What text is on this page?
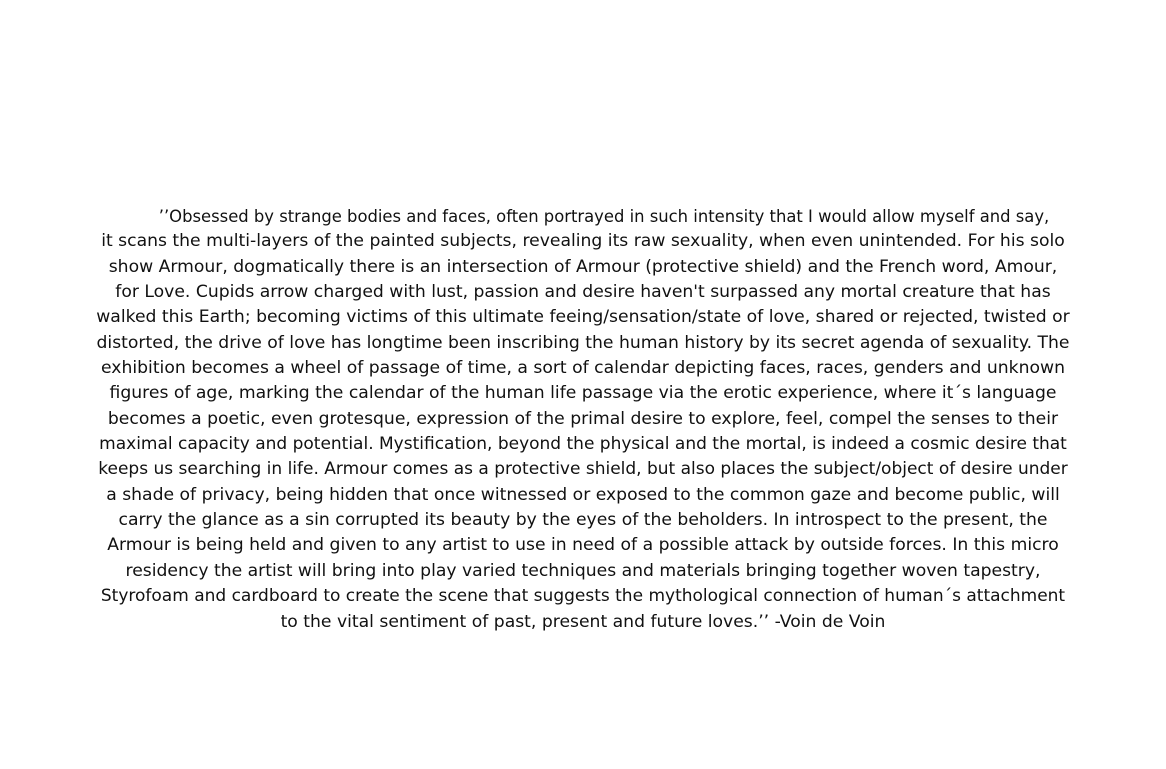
’’Obsessed by strange bodies and faces, often portrayed in such intensity that I would allow myself and say,
it scans the multi-layers of the painted subjects, revealing its raw sexuality, when even unintended. For his solo
show Armour, dogmatically there is an intersection of Armour (protective shield) and the French word, Amour,
for Love. Cupids arrow charged with lust, passion and desire haven't surpassed any mortal creature that has
walked this Earth; becoming victims of this ultimate feeing/sensation/state of love, shared or rejected, twisted or
distorted, the drive of love has longtime been inscribing the human history by its secret agenda of sexuality. The
exhibition becomes a wheel of passage of time, a sort of calendar depicting faces, races, genders and unknown
figures of age, marking the calendar of the human life passage via the erotic experience, where it´s language
becomes a poetic, even grotesque, expression of the primal desire to explore, feel, compel the senses to their
maximal capacity and potential. Mystification, beyond the physical and the mortal, is indeed a cosmic desire that
keeps us searching in life. Armour comes as a protective shield, but also places the subject/object of desire under
a shade of privacy, being hidden that once witnessed or exposed to the common gaze and become public, will
carry the glance as a sin corrupted its beauty by the eyes of the beholders. In introspect to the present, the
Armour is being held and given to any artist to use in need of a possible attack by outside forces. In this micro
residency the artist will bring into play varied techniques and materials bringing together woven tapestry,
Styrofoam and cardboard to create the scene that suggests the mythological connection of human´s attachment
to the vital sentiment of past, present and future loves.’’ -Voin de Voin
